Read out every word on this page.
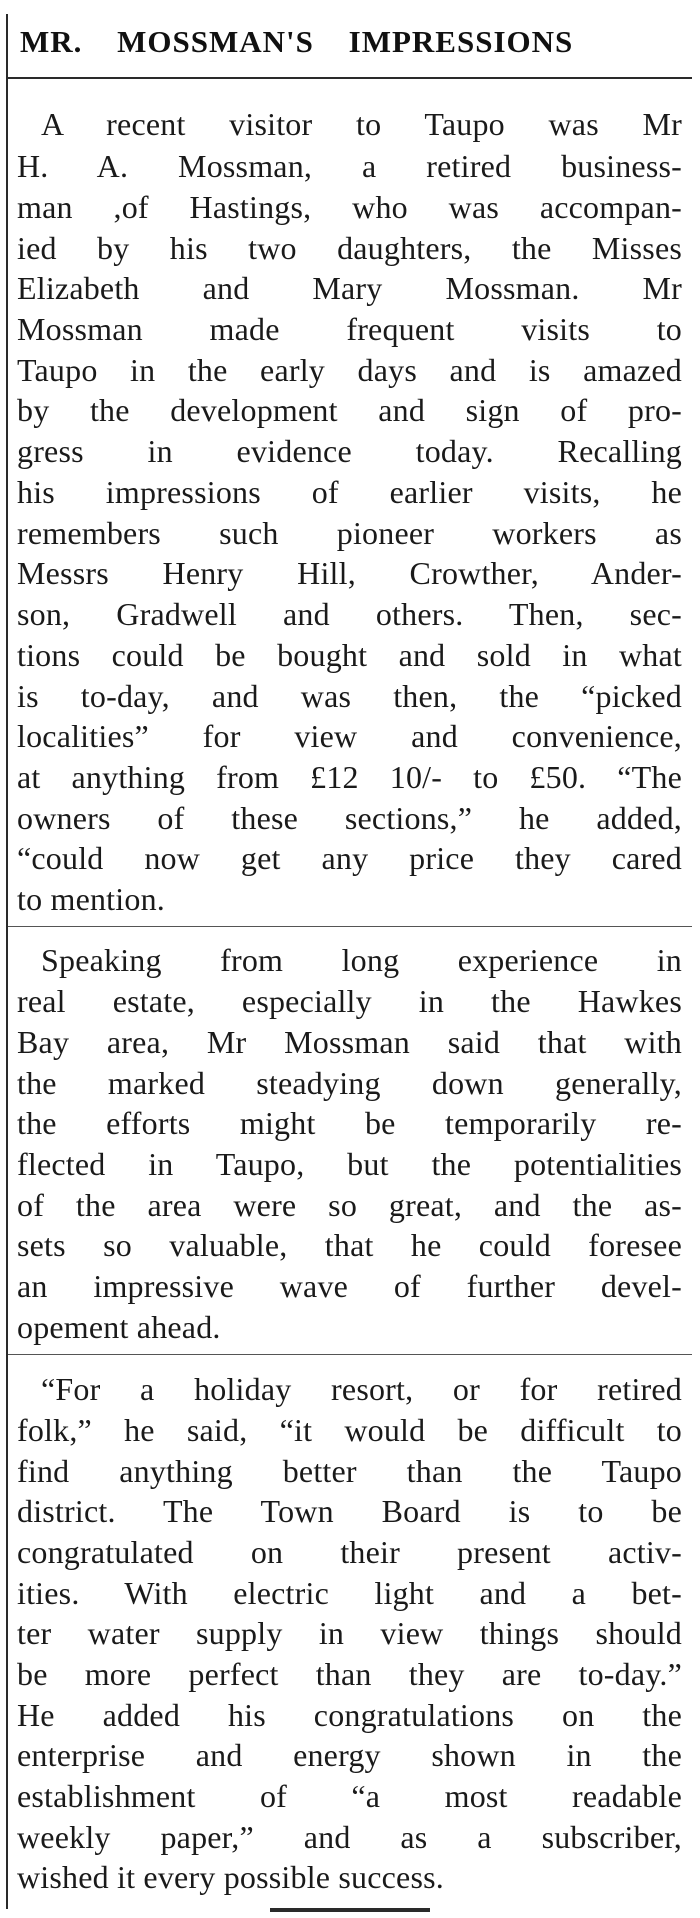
MR. MOSSMAN'S IMPRESSIONS

A recent visitor to Taupo was Mr

H. A. Mossman, a retired business-

man ,of Hastings, who was accompan-

ied by his two daughters, the Misses

Elizabeth and Mary Mossman. Mr

Mossman made frequent visits to

Taupo in the early days and is amazed

by the development and sign of pro-

gress in evidence today. Recalling

his impressions of earlier visits, he

remembers such pioneer workers as

Messrs Henry Hill, Crowther, Ander-

son, Gradwell and others. Then, sec-

tions could be bought and sold in what

is to-day, and was then, the “picked

localities” for view and convenience,

at anything from £12 10/- to £50. “The

owners of these sections,” he added,

“could now get any price they cared

to mention.

Speaking from long experience in

real estate, especially in the Hawkes

Bay area, Mr Mossman said that with

the marked steadying down generally,

the efforts might be temporarily re-

flected in Taupo, but the potentialities

of the area were so great, and the as-

sets so valuable, that he could foresee

an impressive wave of further devel-

opement ahead.

“For a holiday resort, or for retired

folk,” he said, “it would be difficult to

find anything better than the Taupo

district. The Town Board is to be

congratulated on their present activ-

ities. With electric light and a bet-

ter water supply in view things should

be more perfect than they are to-day.”

He added his congratulations on the

enterprise and energy shown in the

establishment of “a most readable

weekly paper,” and as a subscriber,

wished it every possible success.
